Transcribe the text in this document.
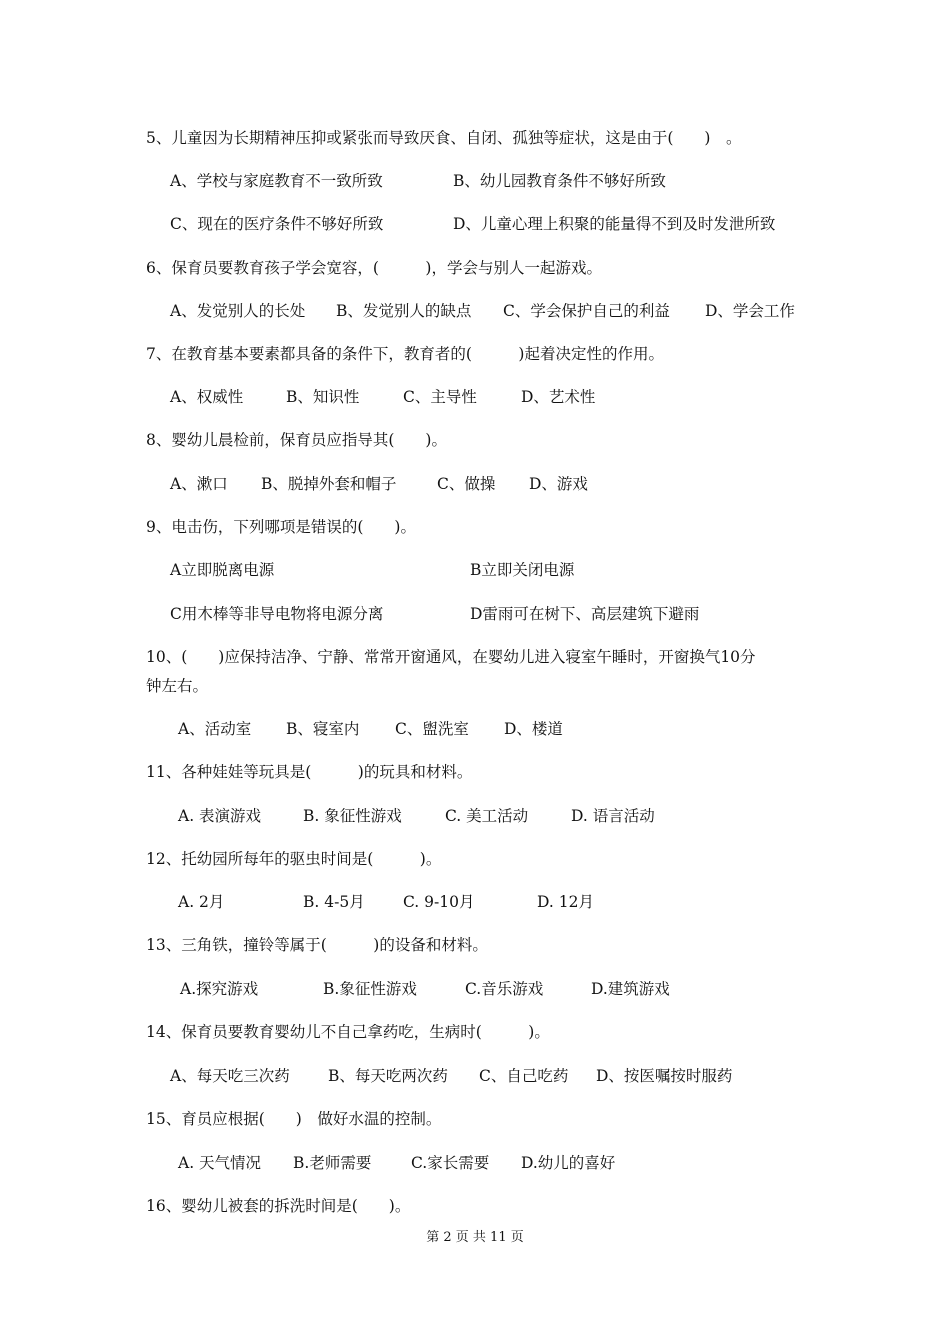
5、儿童因为长期精神压抑或紧张而导致厌食、自闭、孤独等症状，这是由于(　　)　。
A、学校与家庭教育不一致所致	B、幼儿园教育条件不够好所致
C、现在的医疗条件不够好所致	D、儿童心理上积聚的能量得不到及时发泄所致
6、保育员要教育孩子学会宽容，(　　　)，学会与别人一起游戏。
A、发觉别人的长处 B、发觉别人的缺点 C、学会保护自己的利益 D、学会工作
7、在教育基本要素都具备的条件下，教育者的(　　　)起着决定性的作用。
A、权威性	B、知识性	C、主导性	D、艺术性
8、婴幼儿晨检前，保育员应指导其(　　)。
A、漱口 B、脱掉外套和帽子	C、做操 D、游戏
9、电击伤，下列哪项是错误的(　　)。
A立即脱离电源	B立即关闭电源
C用木棒等非导电物将电源分离	D雷雨可在树下、高层建筑下避雨
10、(　　)应保持洁净、宁静、常常开窗通风，在婴幼儿进入寝室午睡时，开窗换气10分
钟左右。
A、活动室 B、寝室内 C、盥洗室 D、楼道
11、各种娃娃等玩具是(　　　)的玩具和材料。
A. 表演游戏	B. 象征性游戏	C. 美工活动	D. 语言活动
12、托幼园所每年的驱虫时间是(　　　)。
A. 2月	B. 4-5月 C. 9-10月	D. 12月
13、三角铁，撞铃等属于(　　　)的设备和材料。
A.探究游戏	B.象征性游戏	C.音乐游戏	D.建筑游戏
14、保育员要教育婴幼儿不自己拿药吃，生病时(　　　)。
A、每天吃三次药 B、每天吃两次药 C、自己吃药 D、按医嘱按时服药
15、育员应根据(　　)　做好水温的控制。
A. 天气情况 B.老师需要	C.家长需要 D.幼儿的喜好
16、婴幼儿被套的拆洗时间是(　　)。
第 2 页 共 11 页
